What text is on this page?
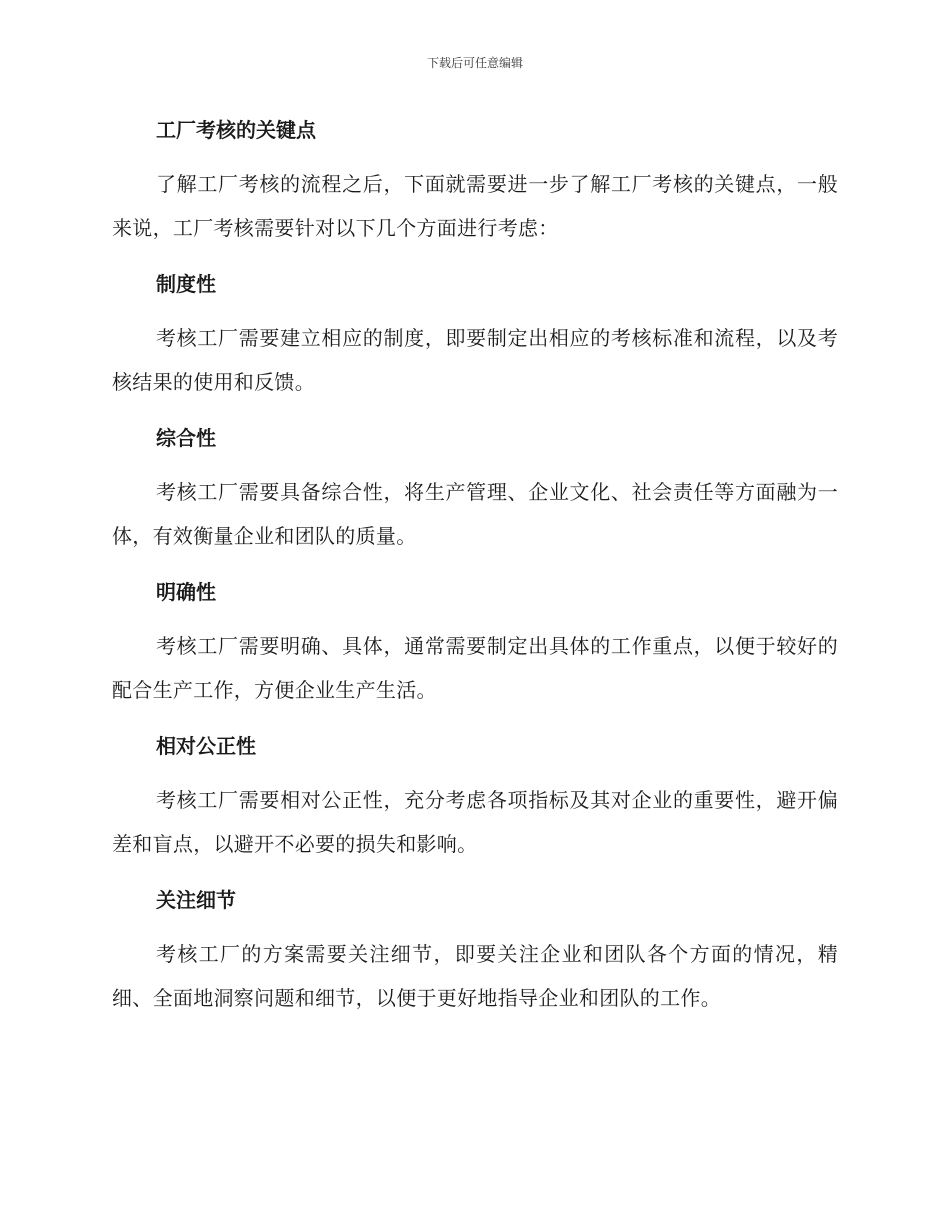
下载后可任意编辑
工厂考核的关键点

了解工厂考核的流程之后，下面就需要进一步了解工厂考核的关键点，一般来说，工厂考核需要针对以下几个方面进行考虑：

制度性

考核工厂需要建立相应的制度，即要制定出相应的考核标准和流程，以及考核结果的使用和反馈。

综合性

考核工厂需要具备综合性，将生产管理、企业文化、社会责任等方面融为一体，有效衡量企业和团队的质量。

明确性

考核工厂需要明确、具体，通常需要制定出具体的工作重点，以便于较好的配合生产工作，方便企业生产生活。

相对公正性

考核工厂需要相对公正性，充分考虑各项指标及其对企业的重要性，避开偏差和盲点，以避开不必要的损失和影响。

关注细节

考核工厂的方案需要关注细节，即要关注企业和团队各个方面的情况，精细、全面地洞察问题和细节，以便于更好地指导企业和团队的工作。
